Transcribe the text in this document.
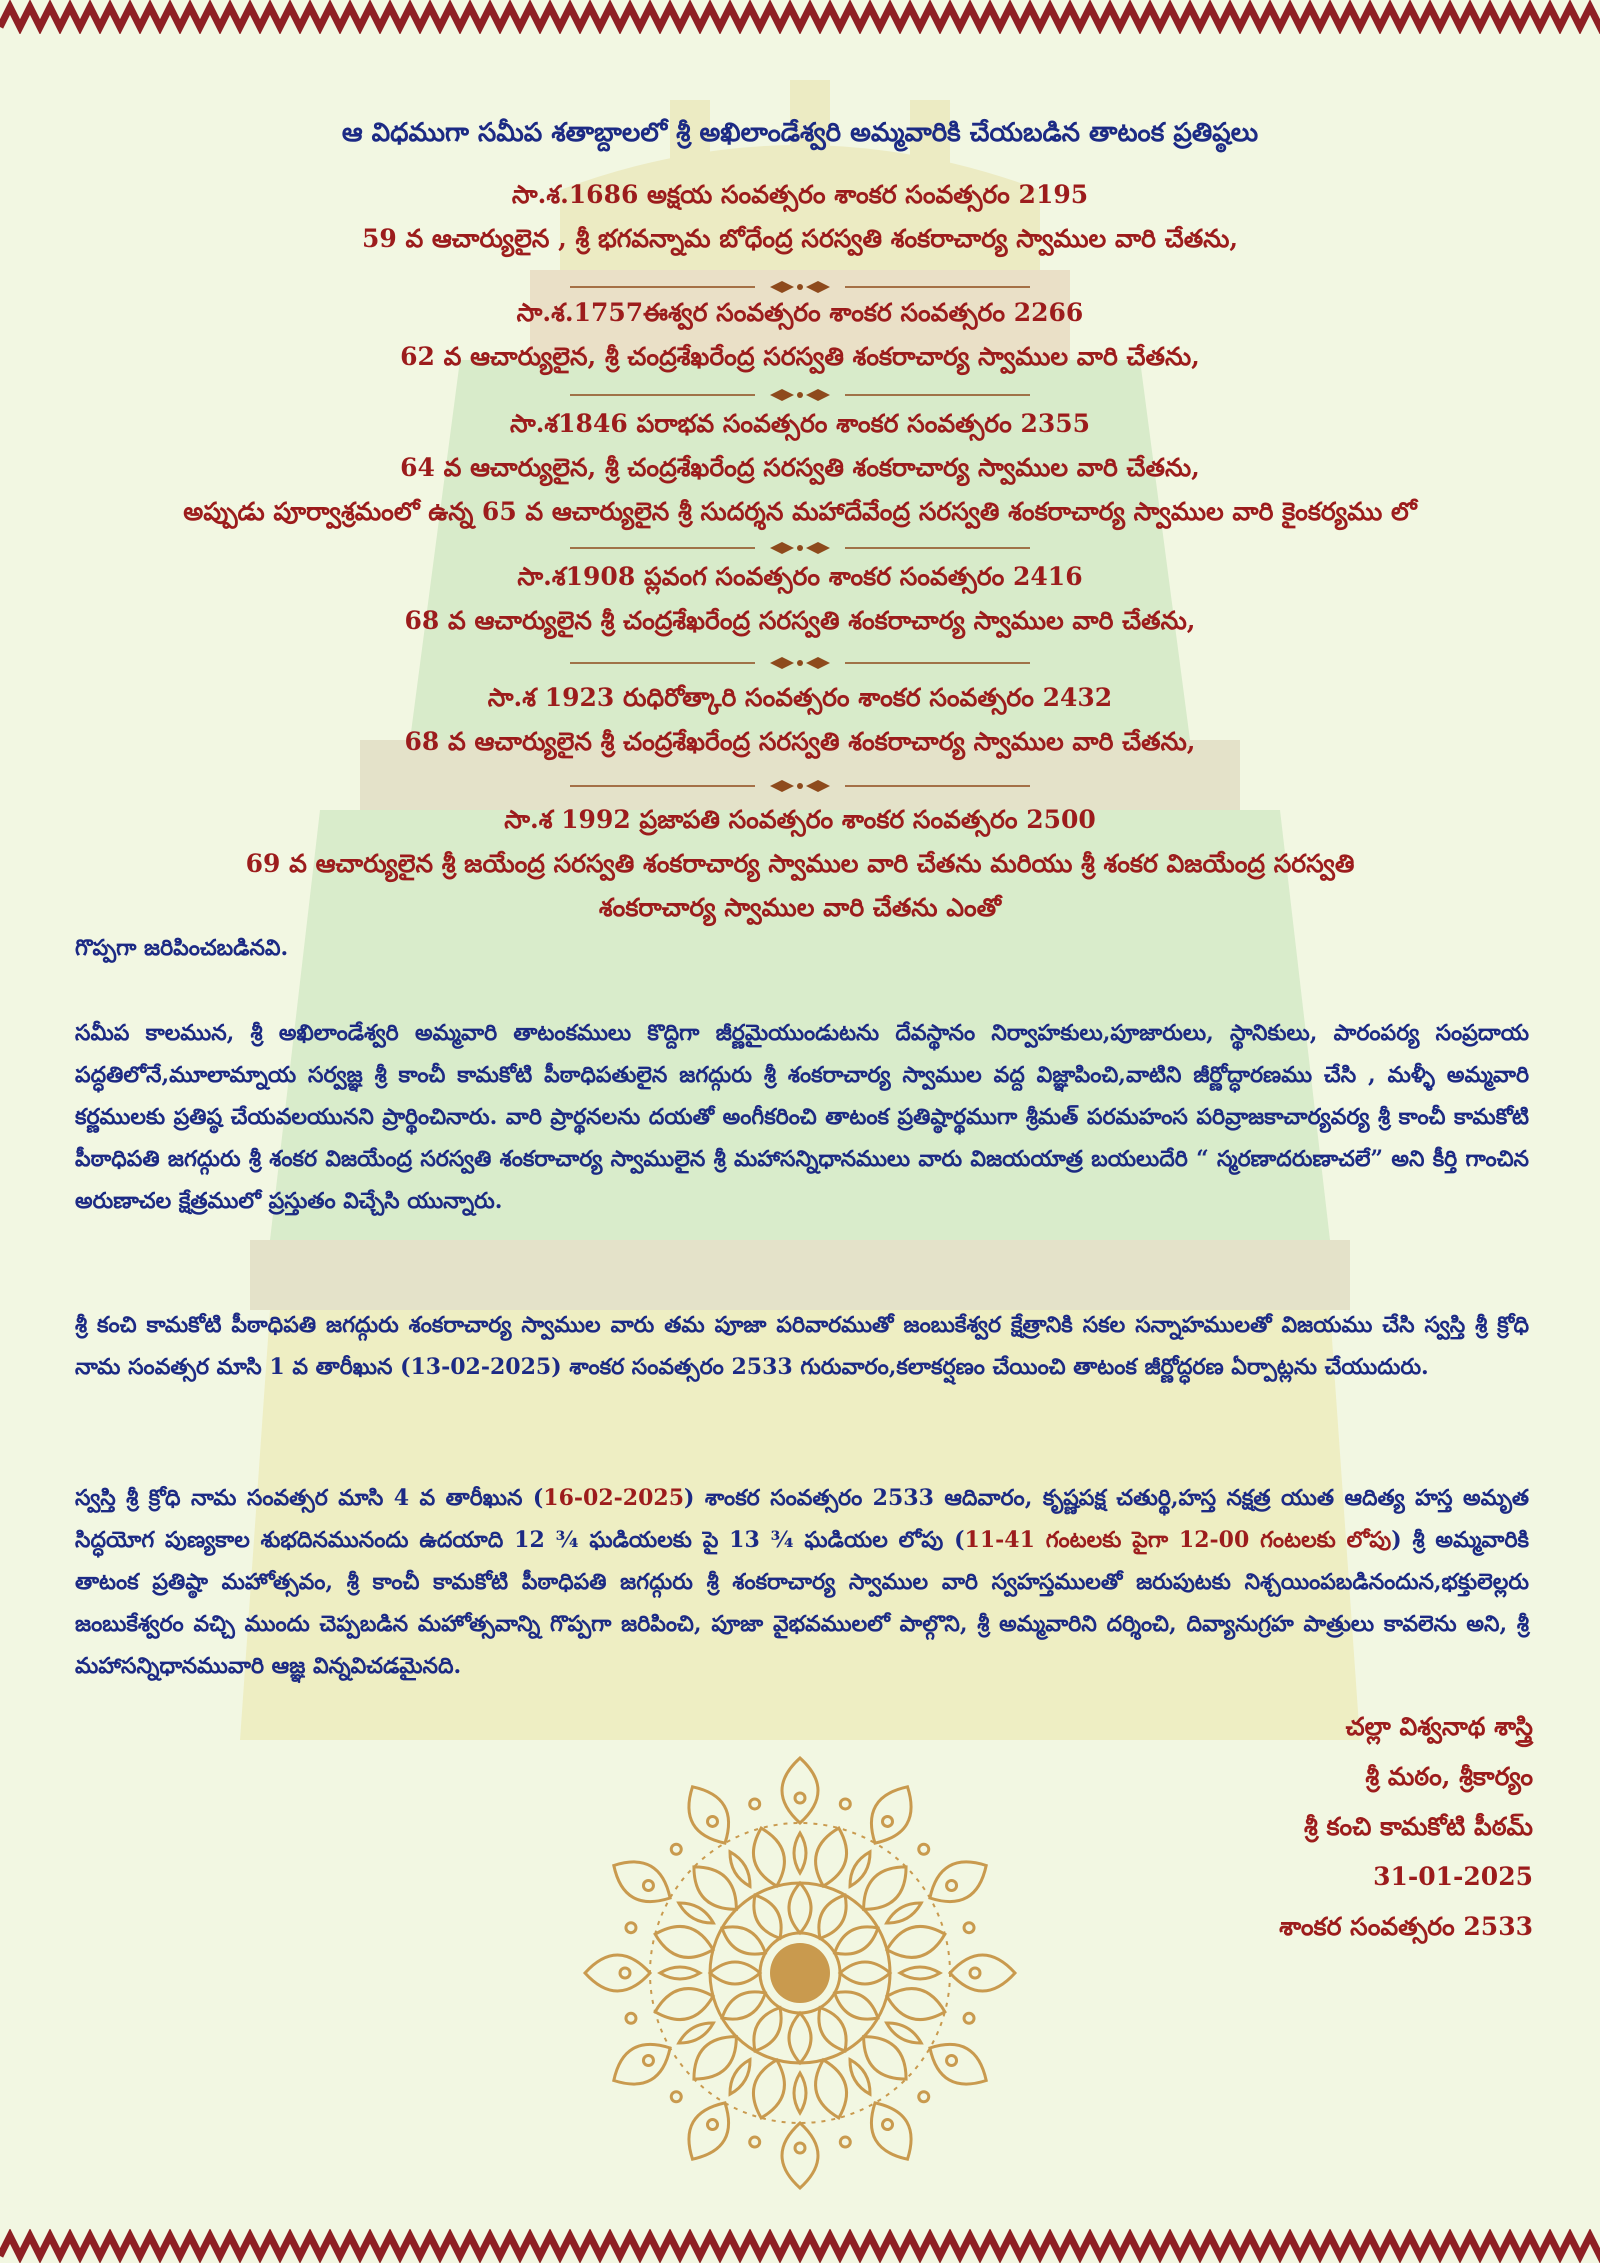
ఆ విధముగా సమీప శతాబ్దాలలో శ్రీ అఖిలాండేశ్వరి అమ్మవారికి చేయబడిన తాటంక ప్రతిష్ఠలు
సా.శ.1686 అక్షయ సంవత్సరం శాంకర సంవత్సరం 2195
59 వ ఆచార్యులైన , శ్రీ భగవన్నామ బోధేంద్ర సరస్వతి శంకరాచార్య స్వాముల వారి చేతను,
సా.శ.1757ఈశ్వర సంవత్సరం శాంకర సంవత్సరం 2266
62 వ ఆచార్యులైన, శ్రీ చంద్రశేఖరేంద్ర సరస్వతి శంకరాచార్య స్వాముల వారి చేతను,
సా.శ1846 పరాభవ సంవత్సరం శాంకర సంవత్సరం 2355
64 వ ఆచార్యులైన, శ్రీ చంద్రశేఖరేంద్ర సరస్వతి శంకరాచార్య స్వాముల వారి చేతను,
అప్పుడు పూర్వాశ్రమంలో ఉన్న 65 వ ఆచార్యులైన శ్రీ సుదర్శన మహాదేవేంద్ర సరస్వతి శంకరాచార్య స్వాముల వారి కైంకర్యము లో
సా.శ1908 ప్లవంగ సంవత్సరం శాంకర సంవత్సరం 2416
68 వ ఆచార్యులైన శ్రీ చంద్రశేఖరేంద్ర సరస్వతి శంకరాచార్య స్వాముల వారి చేతను,
సా.శ 1923 రుధిరోత్కారి సంవత్సరం శాంకర సంవత్సరం 2432
68 వ ఆచార్యులైన శ్రీ చంద్రశేఖరేంద్ర సరస్వతి శంకరాచార్య స్వాముల వారి చేతను,
సా.శ 1992 ప్రజాపతి సంవత్సరం శాంకర సంవత్సరం 2500
69 వ ఆచార్యులైన శ్రీ జయేంద్ర సరస్వతి శంకరాచార్య స్వాముల వారి చేతను మరియు శ్రీ శంకర విజయేంద్ర సరస్వతి
శంకరాచార్య స్వాముల వారి చేతను ఎంతో
గొప్పగా జరిపించబడినవి.
సమీప కాలమున, శ్రీ అఖిలాండేశ్వరి అమ్మవారి తాటంకములు కొద్దిగా జీర్ణమైయుండుటను దేవస్థానం నిర్వాహకులు,పూజారులు, స్థానికులు, పారంపర్య సంప్రదాయ పద్ధతిలోనే,మూలామ్నాయ సర్వజ్ఞ శ్రీ కాంచీ కామకోటి పీఠాధిపతులైన జగద్గురు శ్రీ శంకరాచార్య స్వాముల వద్ద విజ్ఞాపించి,వాటిని జీర్ణోద్ధారణము చేసి , మళ్ళీ అమ్మవారి కర్ణములకు ప్రతిష్ఠ చేయవలయునని ప్రార్థించినారు. వారి ప్రార్థనలను దయతో అంగీకరించి తాటంక ప్రతిష్ఠార్థముగా శ్రీమత్ పరమహంస పరివ్రాజకాచార్యవర్య శ్రీ కాంచీ కామకోటి పీఠాధిపతి జగద్గురు శ్రీ శంకర విజయేంద్ర సరస్వతి శంకరాచార్య స్వాములైన శ్రీ మహాసన్నిధానములు వారు విజయయాత్ర బయలుదేరి “ స్మరణాదరుణాచలే” అని కీర్తి గాంచిన అరుణాచల క్షేత్రములో ప్రస్తుతం విచ్చేసి యున్నారు.
శ్రీ కంచి కామకోటి పీఠాధిపతి జగద్గురు శంకరాచార్య స్వాముల వారు తమ పూజా పరివారముతో జంబుకేశ్వర క్షేత్రానికి సకల సన్నాహములతో విజయము చేసి స్వస్తి శ్రీ క్రోధి నామ సంవత్సర మాసి 1 వ తారీఖున (13-02-2025) శాంకర సంవత్సరం 2533 గురువారం,కలాకర్షణం చేయించి తాటంక జీర్ణోద్ధరణ ఏర్పాట్లను చేయుదురు.
స్వస్తి శ్రీ క్రోధి నామ సంవత్సర మాసి 4 వ తారీఖున (16-02-2025) శాంకర సంవత్సరం 2533 ఆదివారం, కృష్ణపక్ష చతుర్థి,హస్త నక్షత్ర యుత ఆదిత్య హస్త అమృత సిద్ధయోగ పుణ్యకాల శుభదినమునందు ఉదయాది 12 ¾ ఘడియలకు పై 13 ¾ ఘడియల లోపు (11-41 గంటలకు పైగా 12-00 గంటలకు లోపు) శ్రీ అమ్మవారికి తాటంక ప్రతిష్ఠా మహోత్సవం, శ్రీ కాంచీ కామకోటి పీఠాధిపతి జగద్గురు శ్రీ శంకరాచార్య స్వాముల వారి స్వహస్తములతో జరుపుటకు నిశ్చయింపబడినందున,భక్తులెల్లరు జంబుకేశ్వరం వచ్చి ముందు చెప్పబడిన మహోత్సవాన్ని గొప్పగా జరిపించి, పూజా వైభవములలో పాల్గొని, శ్రీ అమ్మవారిని దర్శించి, దివ్యానుగ్రహ పాత్రులు కావలెను అని, శ్రీ మహాసన్నిధానమువారి ఆజ్ఞ విన్నవిచడమైనది.
చల్లా విశ్వనాథ శాస్త్రి
శ్రీ మఠం, శ్రీకార్యం
శ్రీ కంచి కామకోటి పీఠమ్
31-01-2025
శాంకర సంవత్సరం 2533
